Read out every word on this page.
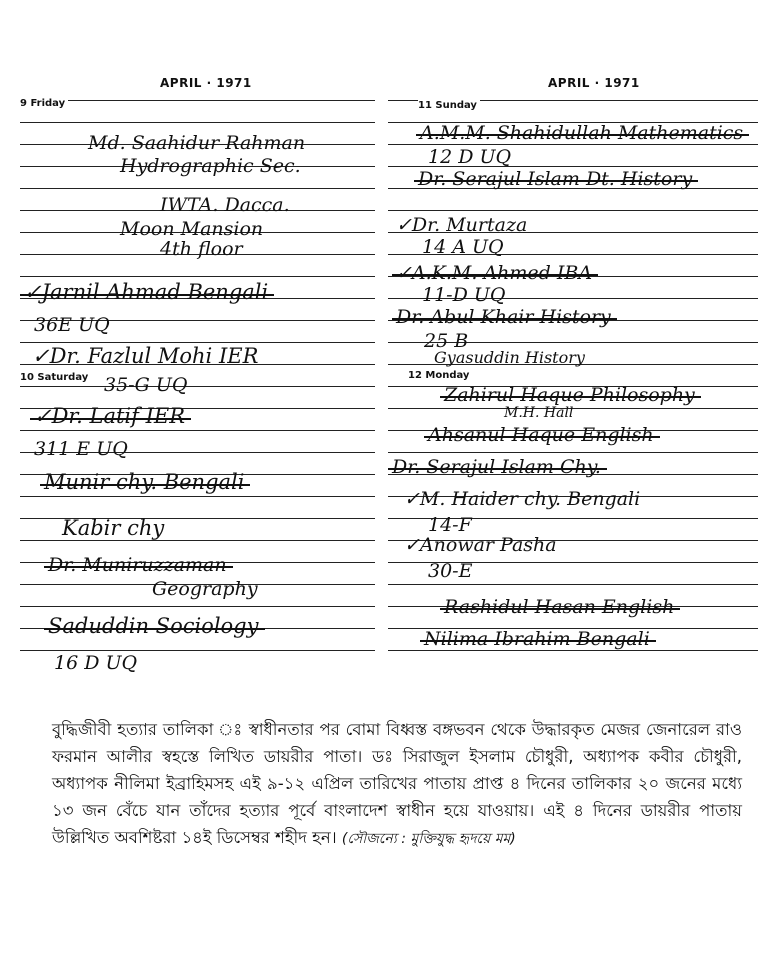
APRIL · 1971
9 Friday
10 Saturday
Md. Saahidur Rahman
Hydrographic Sec.
IWTA. Dacca.
Moon Mansion
4th floor
✓Jarnil Ahmad Bengali
36E UQ
✓Dr. Fazlul Mohi IER
35-G UQ
✓Dr. Latif IER
311 E UQ
Munir chy. Bengali
Kabir chy
Dr. Muniruzzaman
Geography
Saduddin Sociology
16 D UQ
APRIL · 1971
11 Sunday
12 Monday
A.M.M. Shahidullah Mathematics
12 D UQ
Dr. Serajul Islam Dt. History
✓Dr. Murtaza
14 A UQ
✓A.K.M. Ahmed IBA
11-D UQ
Dr. Abul Khair History
25 B
Gyasuddin History
Zahirul Haque Philosophy
M.H. Hall
Ahsanul Haque English
Dr. Serajul Islam Chy.
✓M. Haider chy. Bengali
14-F
✓Anowar Pasha
30-E
Rashidul Hasan English
Nilima Ibrahim Bengali
বুদ্ধিজীবী হত্যার তালিকা ঃ স্বাধীনতার পর বোমা বিধ্বস্ত বঙ্গভবন থেকে উদ্ধারকৃত মেজর জেনারেল রাও ফরমান আলীর স্বহস্তে লিখিত ডায়রীর পাতা। ডঃ সিরাজুল ইসলাম চৌধুরী, অধ্যাপক কবীর চৌধুরী, অধ্যাপক নীলিমা ইব্রাহিমসহ এই ৯-১২ এপ্রিল তারিখের পাতায় প্রাপ্ত ৪ দিনের তালিকার ২০ জনের মধ্যে ১৩ জন বেঁচে যান তাঁদের হত্যার পূর্বে বাংলাদেশ স্বাধীন হয়ে যাওয়ায়। এই ৪ দিনের ডায়রীর পাতায় উল্লিখিত অবশিষ্টরা ১৪ই ডিসেম্বর শহীদ হন। (সৌজন্যে : মুক্তিযুদ্ধ হৃদয়ে মম)
